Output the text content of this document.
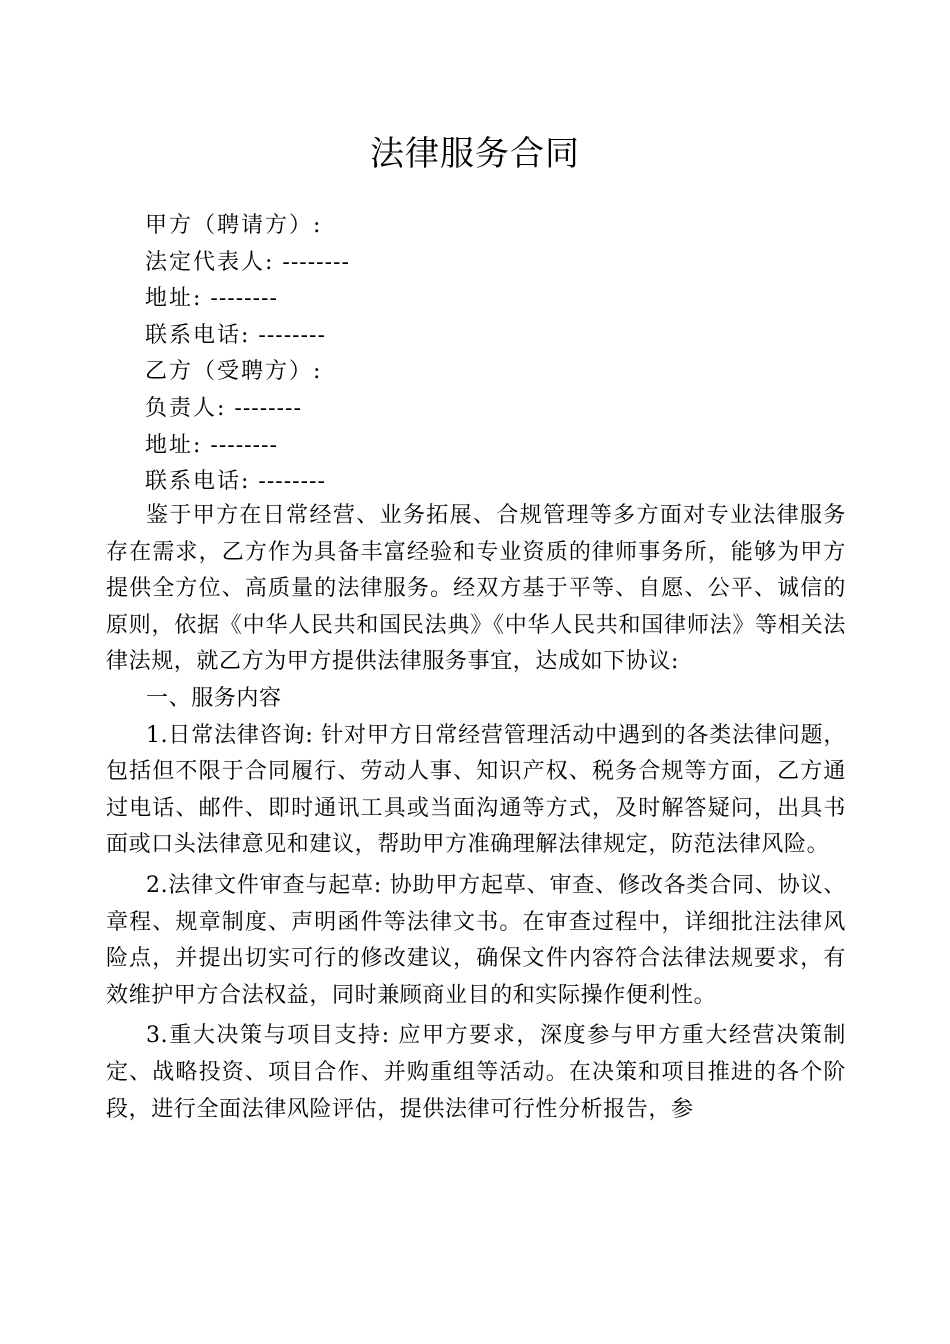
法律服务合同
甲方（聘请方）:
法定代表人: --------
地址: --------
联系电话: --------
乙方（受聘方）:
负责人: --------
地址: --------
联系电话: --------

鉴于甲方在日常经营、业务拓展、合规管理等多方面对专业法律服务存在需求，乙方作为具备丰富经验和专业资质的律师事务所，能够为甲方提供全方位、高质量的法律服务。经双方基于平等、自愿、公平、诚信的原则，依据《中华人民共和国民法典》《中华人民共和国律师法》等相关法律法规，就乙方为甲方提供法律服务事宜，达成如下协议:

一、服务内容

1.日常法律咨询: 针对甲方日常经营管理活动中遇到的各类法律问题，包括但不限于合同履行、劳动人事、知识产权、税务合规等方面，乙方通过电话、邮件、即时通讯工具或当面沟通等方式，及时解答疑问，出具书面或口头法律意见和建议，帮助甲方准确理解法律规定，防范法律风险。

2.法律文件审查与起草: 协助甲方起草、审查、修改各类合同、协议、章程、规章制度、声明函件等法律文书。在审查过程中，详细批注法律风险点，并提出切实可行的修改建议，确保文件内容符合法律法规要求，有效维护甲方合法权益，同时兼顾商业目的和实际操作便利性。

3.重大决策与项目支持: 应甲方要求，深度参与甲方重大经营决策制定、战略投资、项目合作、并购重组等活动。在决策和项目推进的各个阶段，进行全面法律风险评估，提供法律可行性分析报告，参
